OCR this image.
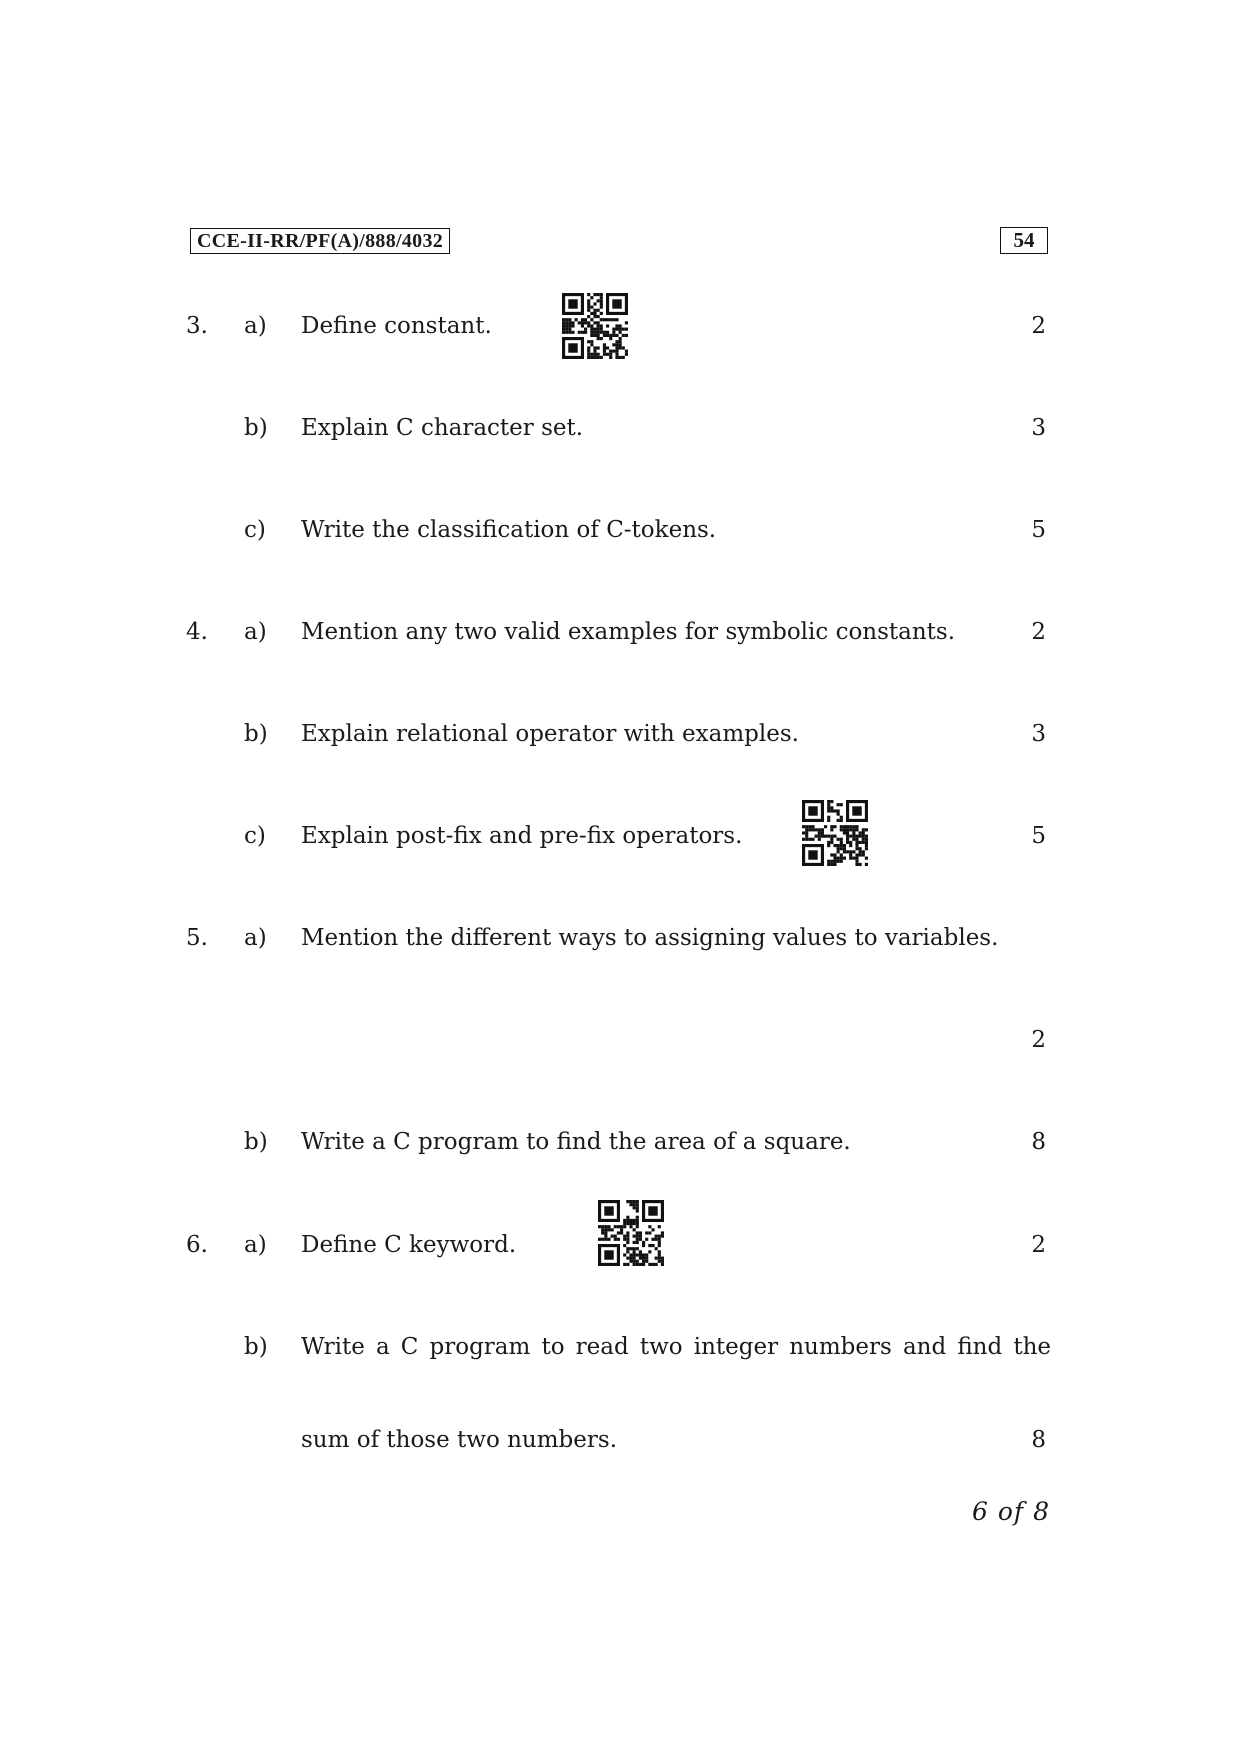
CCE-II-RR/PF(A)/888/4032	54
3. a) Define constant.	2
b) Explain C character set.	3
c) Write the classification of C-tokens.	5
4. a) Mention any two valid examples for symbolic constants.	2
b) Explain relational operator with examples.	3
c) Explain post-fix and pre-fix operators.	5
5. a) Mention the different ways to assigning values to variables.
2
b) Write a C program to find the area of a square.	8
6. a) Define C keyword.	2
b) Write a C program to read two integer numbers and find the
sum of those two numbers.	8
6 of 8
